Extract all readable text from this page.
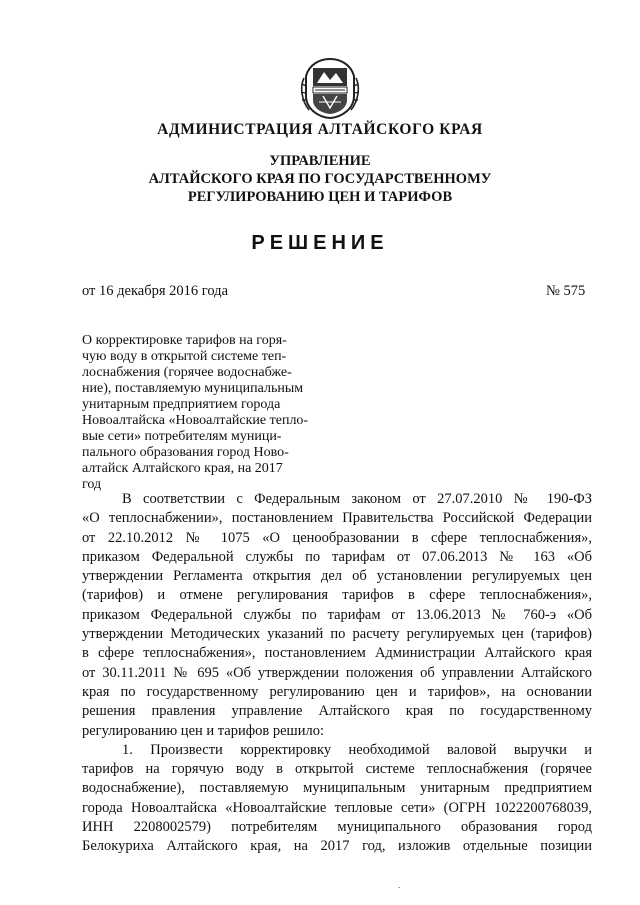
АДМИНИСТРАЦИЯ АЛТАЙСКОГО КРАЯ
УПРАВЛЕНИЕ
АЛТАЙСКОГО КРАЯ ПО ГОСУДАРСТВЕННОМУ
РЕГУЛИРОВАНИЮ ЦЕН И ТАРИФОВ
РЕШЕНИЕ
от 16 декабря 2016 года	№ 575
О корректировке тарифов на горя-
чую воду в открытой системе теп-
лоснабжения (горячее водоснабже-
ние), поставляемую муниципальным
унитарным предприятием города
Новоалтайска «Новоалтайские тепло-
вые сети» потребителям муници-
пального образования город Ново-
алтайск Алтайского края, на 2017
год
В соответствии с Федеральным законом от 27.07.2010 № 190-ФЗ
«О теплоснабжении», постановлением Правительства Российской Федерации
от 22.10.2012 № 1075 «О ценообразовании в сфере теплоснабжения»,
приказом Федеральной службы по тарифам от 07.06.2013 № 163 «Об
утверждении Регламента открытия дел об установлении регулируемых цен
(тарифов) и отмене регулирования тарифов в сфере теплоснабжения»,
приказом Федеральной службы по тарифам от 13.06.2013 № 760-э «Об
утверждении Методических указаний по расчету регулируемых цен (тарифов)
в сфере теплоснабжения», постановлением Администрации Алтайского края
от 30.11.2011 № 695 «Об утверждении положения об управлении Алтайского
края по государственному регулированию цен и тарифов», на основании
решения правления управление Алтайского края по государственному
регулированию цен и тарифов решило:
1. Произвести корректировку необходимой валовой выручки и
тарифов на горячую воду в открытой системе теплоснабжения (горячее
водоснабжение), поставляемую муниципальным унитарным предприятием
города Новоалтайска «Новоалтайские тепловые сети» (ОГРН 1022200768039,
ИНН 2208002579) потребителям муниципального образования город
Белокуриха Алтайского края, на 2017 год, изложив отдельные позиции
.
